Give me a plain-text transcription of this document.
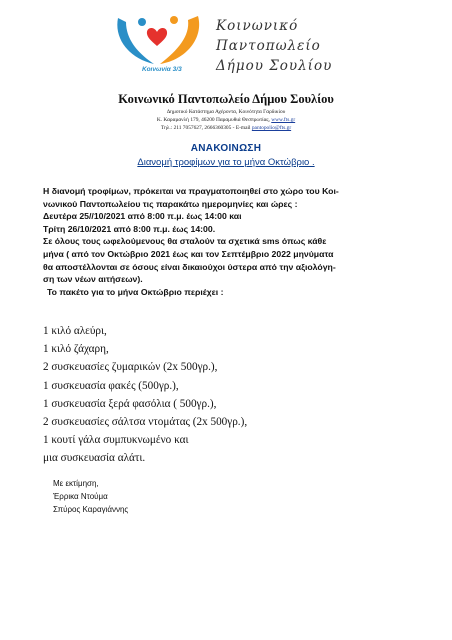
Κοινωνία 3/3
Κοινωνικό
Παντοπωλείο
Δήμου Σουλίου
Κοινωνικό Παντοπωλείο Δήμου Σουλίου
Δημοτικό Κατάστημα Αχέροντα, Κοινότητα Γαρδικίου
Κ. Καραμανλή 179, 46200 Παραμυθιά Θεσπρωτίας, www.fts.gr
Τηλ.: 211 7057627, 2666360305 - E-mail pantopolio@fts.gr
ΑΝΑΚΟΙΝΩΣΗ
Διανομή τροφίμων για το μήνα Οκτώβριο .
Η διανομή τροφίμων, πρόκειται να πραγματοποιηθεί στο χώρο του Κοι-
νωνικού Παντοπωλείου τις παρακάτω ημερομηνίες και ώρες :
Δευτέρα 25//10/2021 από 8:00 π.μ. έως 14:00 και
Τρίτη 26/10/2021 από 8:00 π.μ. έως 14:00.
Σε όλους τους ωφελούμενους θα σταλούν τα σχετικά sms όπως κάθε
μήνα ( από τον Οκτώβριο 2021 έως και τον Σεπτέμβριο 2022 μηνύματα
θα αποστέλλονται σε όσους είναι δικαιούχοι ύστερα από την αξιολόγη-
ση των νέων αιτήσεων).
Το πακέτο για το μήνα Οκτώβριο περιέχει :
1 κιλό αλεύρι,
1 κιλό ζάχαρη,
2 συσκευασίες ζυμαρικών (2x 500γρ.),
1 συσκευασία φακές (500γρ.),
1 συσκευασία ξερά φασόλια ( 500γρ.),
2 συσκευασίες σάλτσα ντομάτας (2x 500γρ.),
1 κουτί γάλα συμπυκνωμένο και
μια συσκευασία αλάτι.
Με εκτίμηση,
Έρρικα Ντούμα
Σπύρος Καραγιάννης
